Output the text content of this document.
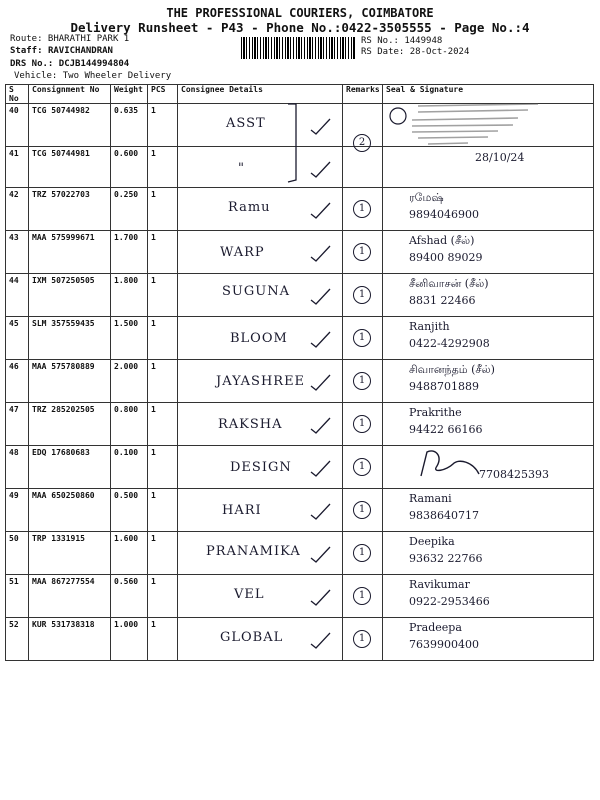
THE PROFESSIONAL COURIERS, COIMBATORE
Delivery Runsheet - P43 - Phone No.:0422-3505555 - Page No.:4
Route: BHARATHI PARK 1
Staff: RAVICHANDRAN
DRS No.: DCJB144994804
Vehicle: Two Wheeler Delivery
RS No.: 1449948
RS Date: 28-Oct-2024
S No	Consignment No	Weight	PCS	Consignee Details	Remarks	Seal & Signature
40	TCG 50744982	0.635	1	ASST	2	

41	TCG 50744981	0.600	1	"		28/10/24

42	TRZ 57022703	0.250	1	Ramu	1	ரமேஷ்
9894046900

43	MAA 575999671	1.700	1	WARP	1	Afshad (சீல்)
89400 89029

44	IXM 507250505	1.800	1	SUGUNA	1	சீனிவாசன் (சீல்)
8831 22466

45	SLM 357559435	1.500	1	BLOOM	1	Ranjith
0422-4292908

46	MAA 575780889	2.000	1	JAYASHREE	1	சிவானந்தம் (சீல்)
9488701889

47	TRZ 285202505	0.800	1	RAKSHA	1	Prakrithe
94422 66166

48	EDQ 17680683	0.100	1	DESIGN	1	7708425393

49	MAA 650250860	0.500	1	HARI	1	Ramani
9838640717

50	TRP 1331915	1.600	1	PRANAMIKA	1	Deepika
93632 22766

51	MAA 867277554	0.560	1	VEL	1	Ravikumar
0922-2953466

52	KUR 531738318	1.000	1	GLOBAL	1	Pradeepa
7639900400
